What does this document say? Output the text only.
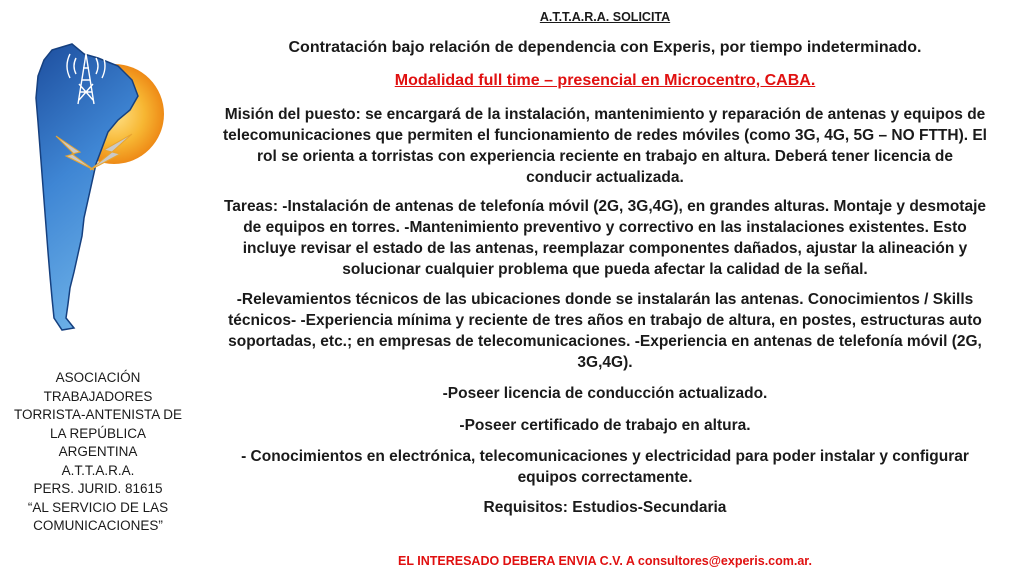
ASOCIACIÓN
TRABAJADORES
TORRISTA-ANTENISTA DE
LA REPÚBLICA
ARGENTINA
A.T.T.A.R.A.
PERS. JURID. 81615
“AL SERVICIO DE LAS
COMUNICACIONES”
A.T.T.A.R.A. SOLICITA
Contratación bajo relación de dependencia con Experis, por tiempo indeterminado.
Modalidad full time – presencial en Microcentro, CABA.
Misión del puesto: se encargará de la instalación, mantenimiento y reparación de antenas y equipos de
telecomunicaciones que permiten el funcionamiento de redes móviles (como 3G, 4G, 5G – NO FTTH). El
rol se orienta a torristas con experiencia reciente en trabajo en altura. Deberá tener licencia de
conducir actualizada.
Tareas: -Instalación de antenas de telefonía móvil (2G, 3G,4G), en grandes alturas. Montaje y desmotaje
de equipos en torres. -Mantenimiento preventivo y correctivo en las instalaciones existentes. Esto
incluye revisar el estado de las antenas, reemplazar componentes dañados, ajustar la alineación y
solucionar cualquier problema que pueda afectar la calidad de la señal.
-Relevamientos técnicos de las ubicaciones donde se instalarán las antenas. Conocimientos / Skills
técnicos- -Experiencia mínima y reciente de tres años en trabajo de altura, en postes, estructuras auto
soportadas, etc.; en empresas de telecomunicaciones. -Experiencia en antenas de telefonía móvil (2G,
3G,4G).
-Poseer licencia de conducción actualizado.
-Poseer certificado de trabajo en altura.
- Conocimientos en electrónica, telecomunicaciones y electricidad para poder instalar y configurar
equipos correctamente.
Requisitos: Estudios-Secundaria
EL INTERESADO DEBERA ENVIA C.V. A consultores@experis.com.ar.
